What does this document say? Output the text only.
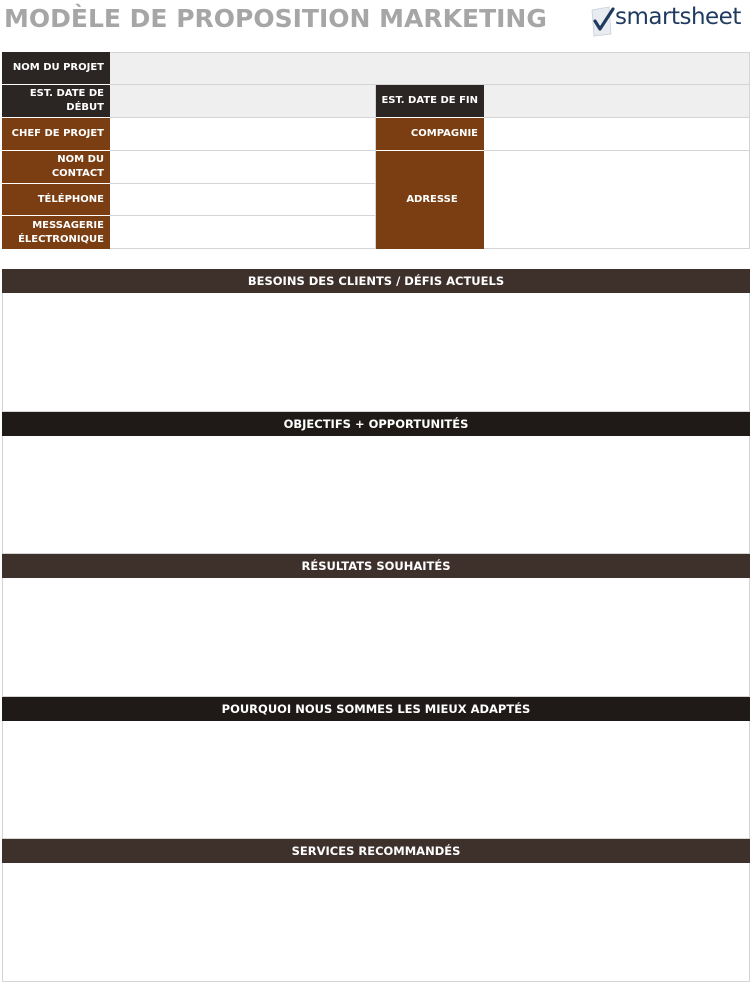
MODÈLE DE PROPOSITION MARKETING	smartsheet
NOM DU PROJET
EST. DATE DE DÉBUT
EST. DATE DE FIN
CHEF DE PROJET	COMPAGNIE
NOM DU CONTACT
ADRESSE
TÉLÉPHONE
MESSAGERIE ÉLECTRONIQUE
BESOINS DES CLIENTS / DÉFIS ACTUELS
OBJECTIFS + OPPORTUNITÉS
RÉSULTATS SOUHAITÉS
POURQUOI NOUS SOMMES LES MIEUX ADAPTÉS
SERVICES RECOMMANDÉS
